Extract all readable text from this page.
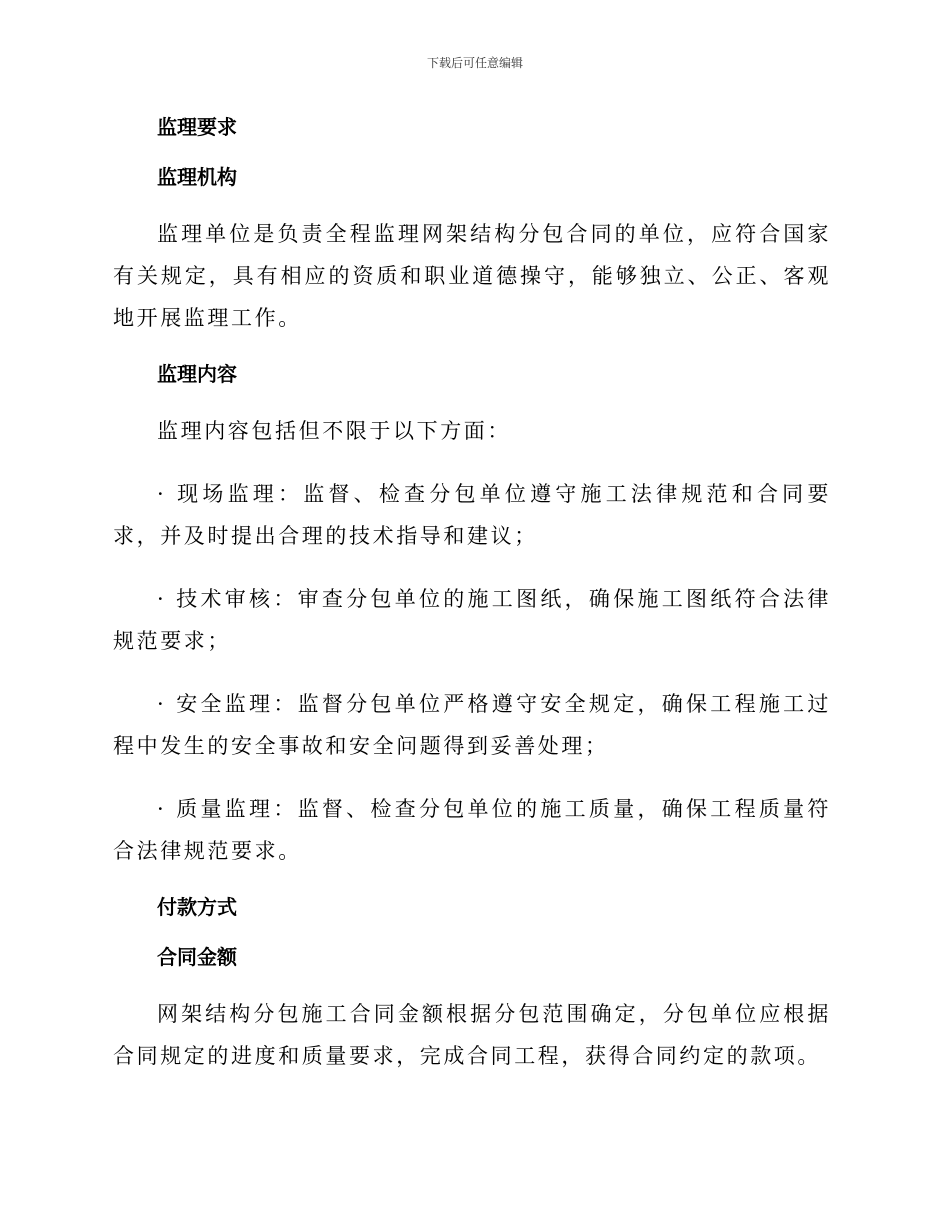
下载后可任意编辑

监理要求

监理机构

监理单位是负责全程监理网架结构分包合同的单位，应符合国家有关规定，具有相应的资质和职业道德操守，能够独立、公正、客观地开展监理工作。

监理内容

监理内容包括但不限于以下方面：

· 现场监理：监督、检查分包单位遵守施工法律规范和合同要求，并及时提出合理的技术指导和建议；

· 技术审核：审查分包单位的施工图纸，确保施工图纸符合法律规范要求；

· 安全监理：监督分包单位严格遵守安全规定，确保工程施工过程中发生的安全事故和安全问题得到妥善处理；

· 质量监理：监督、检查分包单位的施工质量，确保工程质量符合法律规范要求。

付款方式

合同金额

网架结构分包施工合同金额根据分包范围确定，分包单位应根据合同规定的进度和质量要求，完成合同工程，获得合同约定的款项。
